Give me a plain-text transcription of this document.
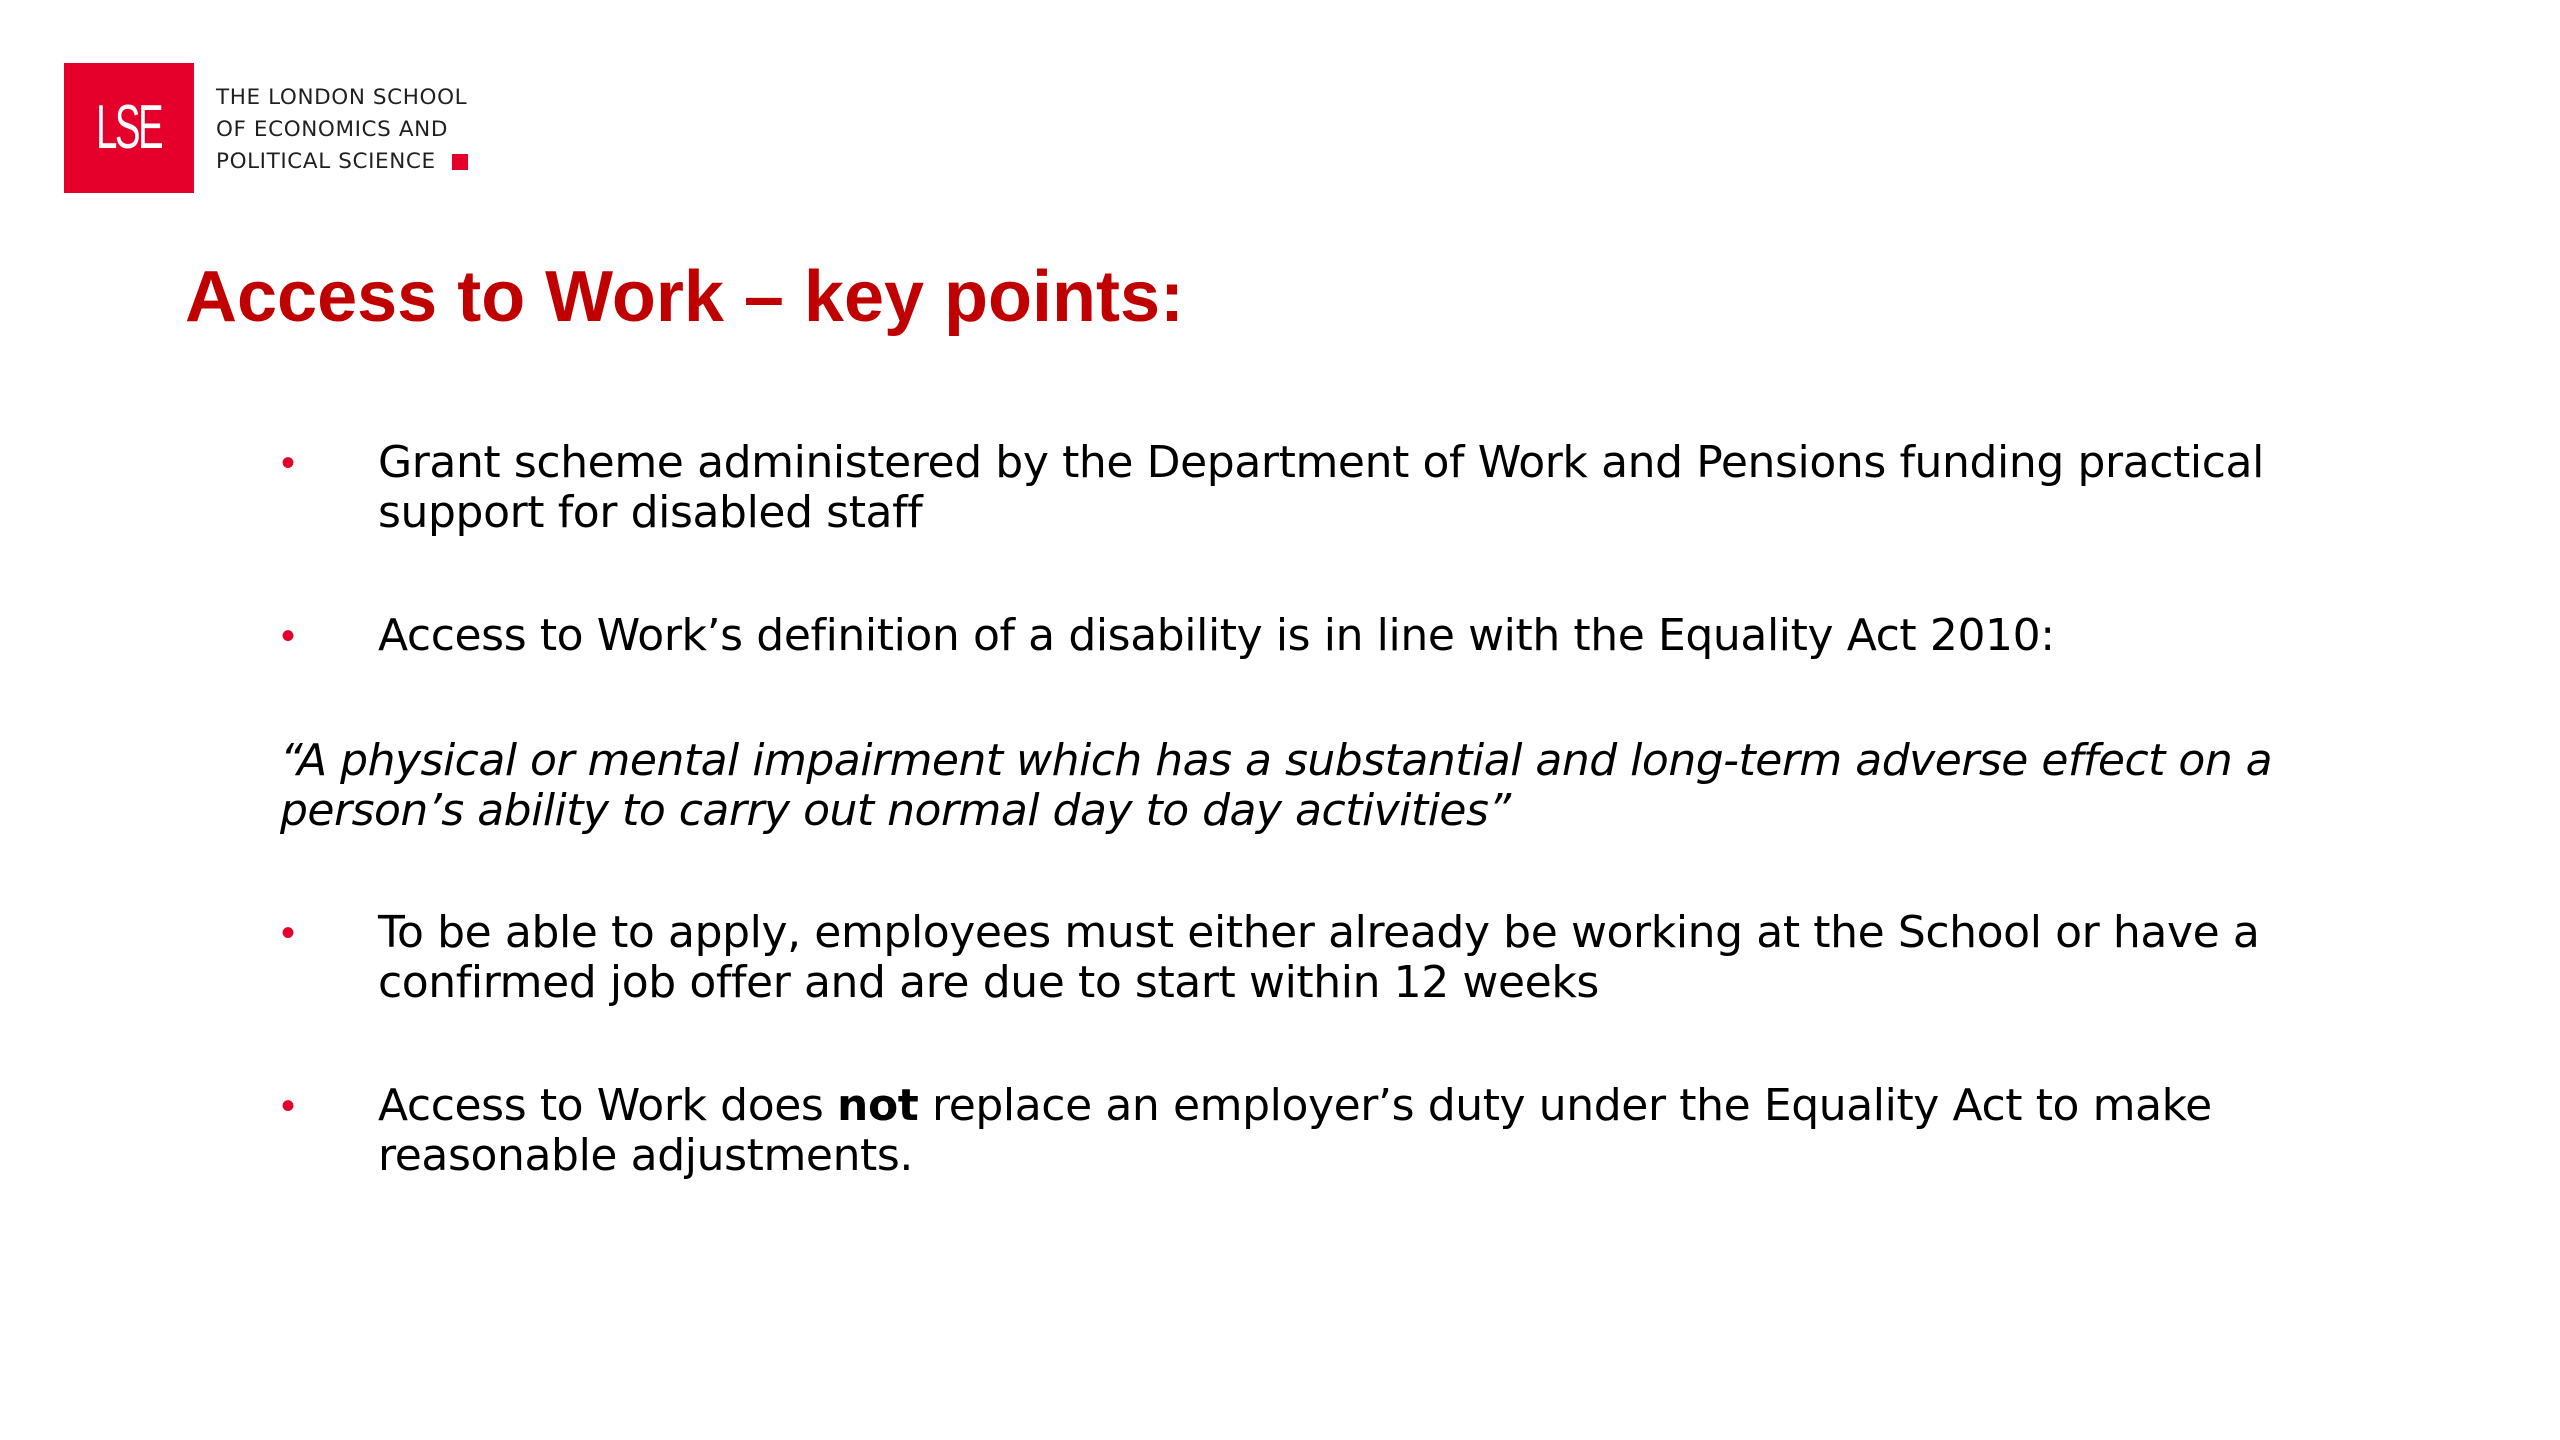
LSE	THE LONDON SCHOOL
OF ECONOMICS AND
POLITICAL SCIENCE
Access to Work – key points:
• Grant scheme administered by the Department of Work and Pensions funding practical support for disabled staff
• Access to Work’s definition of a disability is in line with the Equality Act 2010:
“A physical or mental impairment which has a substantial and long-term adverse effect on a person’s ability to carry out normal day to day activities”
• To be able to apply, employees must either already be working at the School or have a confirmed job offer and are due to start within 12 weeks
• Access to Work does not replace an employer’s duty under the Equality Act to make reasonable adjustments.
